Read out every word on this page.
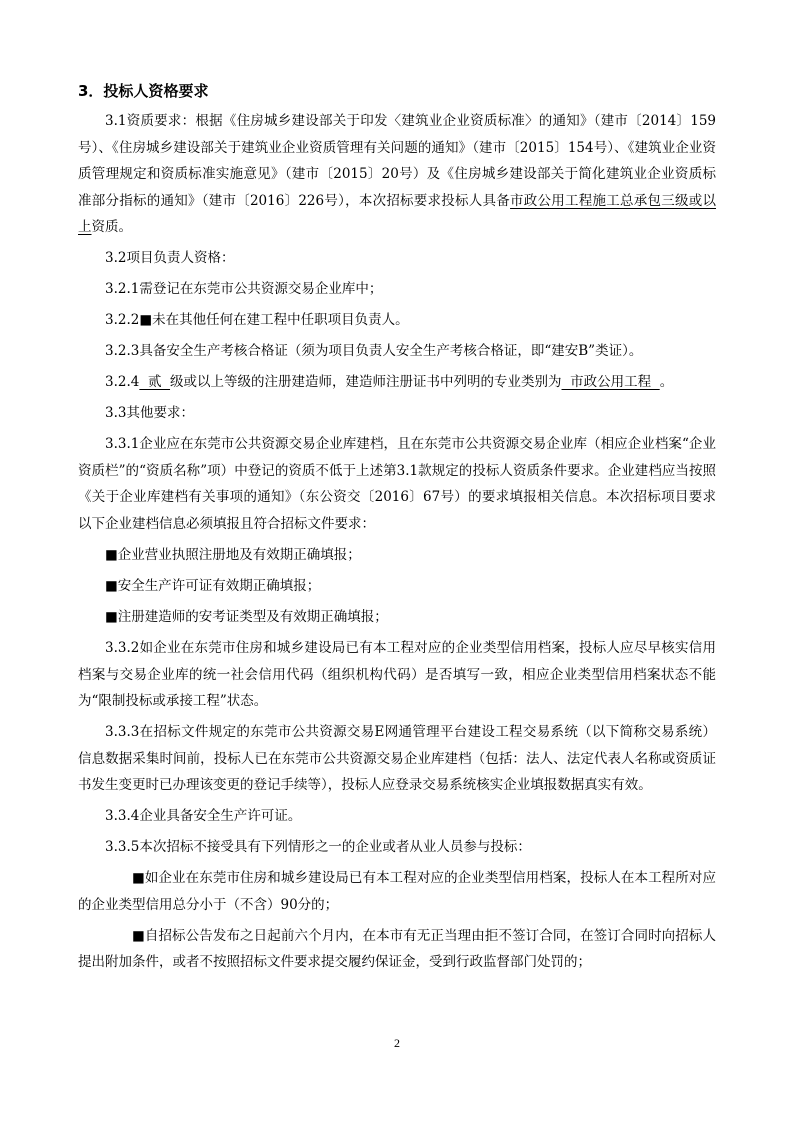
3．投标人资格要求
3.1资质要求：根据《住房城乡建设部关于印发〈建筑业企业资质标准〉的通知》（建市〔2014〕159号）、《住房城乡建设部关于建筑业企业资质管理有关问题的通知》（建市〔2015〕154号）、《建筑业企业资质管理规定和资质标准实施意见》（建市〔2015〕20号）及《住房城乡建设部关于简化建筑业企业资质标准部分指标的通知》（建市〔2016〕226号），本次招标要求投标人具备市政公用工程施工总承包三级或以上资质。
3.2项目负责人资格：
3.2.1需登记在东莞市公共资源交易企业库中；
3.2.2■未在其他任何在建工程中任职项目负责人。
3.2.3具备安全生产考核合格证（须为项目负责人安全生产考核合格证，即“建安B”类证）。
3.2.4  贰  级或以上等级的注册建造师，建造师注册证书中列明的专业类别为  市政公用工程  。
3.3其他要求：
3.3.1企业应在东莞市公共资源交易企业库建档，且在东莞市公共资源交易企业库（相应企业档案“企业资质栏”的“资质名称”项）中登记的资质不低于上述第3.1款规定的投标人资质条件要求。企业建档应当按照《关于企业库建档有关事项的通知》（东公资交〔2016〕67号）的要求填报相关信息。本次招标项目要求以下企业建档信息必须填报且符合招标文件要求：
■企业营业执照注册地及有效期正确填报；
■安全生产许可证有效期正确填报；
■注册建造师的安考证类型及有效期正确填报；
3.3.2如企业在东莞市住房和城乡建设局已有本工程对应的企业类型信用档案，投标人应尽早核实信用档案与交易企业库的统一社会信用代码（组织机构代码）是否填写一致，相应企业类型信用档案状态不能为“限制投标或承接工程”状态。
3.3.3在招标文件规定的东莞市公共资源交易E网通管理平台建设工程交易系统（以下简称交易系统）信息数据采集时间前，投标人已在东莞市公共资源交易企业库建档（包括：法人、法定代表人名称或资质证书发生变更时已办理该变更的登记手续等），投标人应登录交易系统核实企业填报数据真实有效。
3.3.4企业具备安全生产许可证。
3.3.5本次招标不接受具有下列情形之一的企业或者从业人员参与投标：
■如企业在东莞市住房和城乡建设局已有本工程对应的企业类型信用档案，投标人在本工程所对应的企业类型信用总分小于（不含）90分的；
■自招标公告发布之日起前六个月内，在本市有无正当理由拒不签订合同，在签订合同时向招标人提出附加条件，或者不按照招标文件要求提交履约保证金，受到行政监督部门处罚的；
2
